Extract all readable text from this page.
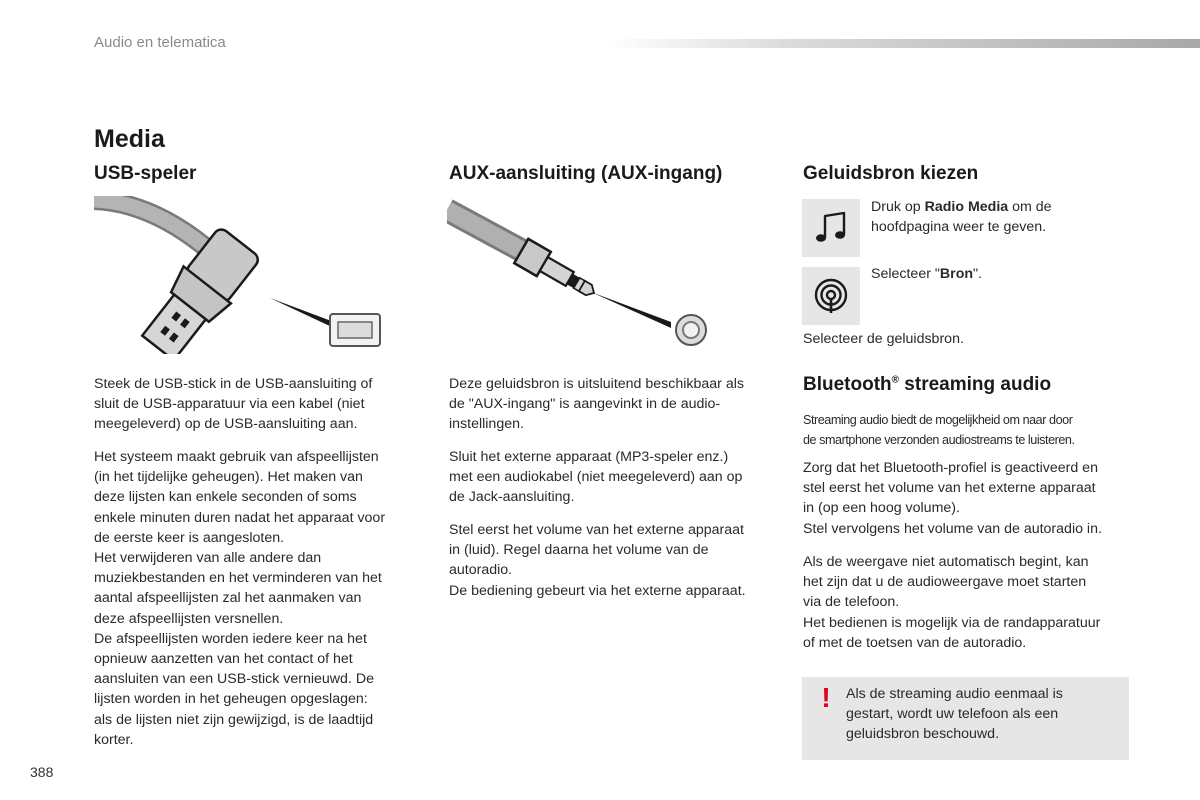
Audio en telematica
Media
USB-speler

Steek de USB-stick in de USB-aansluiting of
sluit de USB-apparatuur via een kabel (niet
meegeleverd) op de USB-aansluiting aan.

Het systeem maakt gebruik van afspeellijsten
(in het tijdelijke geheugen). Het maken van
deze lijsten kan enkele seconden of soms
enkele minuten duren nadat het apparaat voor
de eerste keer is aangesloten.
Het verwijderen van alle andere dan
muziekbestanden en het verminderen van het
aantal afspeellijsten zal het aanmaken van
deze afspeellijsten versnellen.
De afspeellijsten worden iedere keer na het
opnieuw aanzetten van het contact of het
aansluiten van een USB-stick vernieuwd. De
lijsten worden in het geheugen opgeslagen:
als de lijsten niet zijn gewijzigd, is de laadtijd
korter.

AUX-aansluiting (AUX-ingang)

Deze geluidsbron is uitsluitend beschikbaar als
de "AUX-ingang" is aangevinkt in de audio-
instellingen.

Sluit het externe apparaat (MP3-speler enz.)
met een audiokabel (niet meegeleverd) aan op
de Jack-aansluiting.

Stel eerst het volume van het externe apparaat
in (luid). Regel daarna het volume van de
autoradio.
De bediening gebeurt via het externe apparaat.

Geluidsbron kiezen

Druk op Radio Media om de
hoofdpagina weer te geven.

Selecteer "Bron".

Selecteer de geluidsbron.

Bluetooth® streaming audio

Streaming audio biedt de mogelijkheid om naar door
de smartphone verzonden audiostreams te luisteren.

Zorg dat het Bluetooth-profiel is geactiveerd en
stel eerst het volume van het externe apparaat
in (op een hoog volume).
Stel vervolgens het volume van de autoradio in.

Als de weergave niet automatisch begint, kan
het zijn dat u de audioweergave moet starten
via de telefoon.
Het bedienen is mogelijk via de randapparatuur
of met de toetsen van de autoradio.

!	Als de streaming audio eenmaal is
gestart, wordt uw telefoon als een
geluidsbron beschouwd.

388
